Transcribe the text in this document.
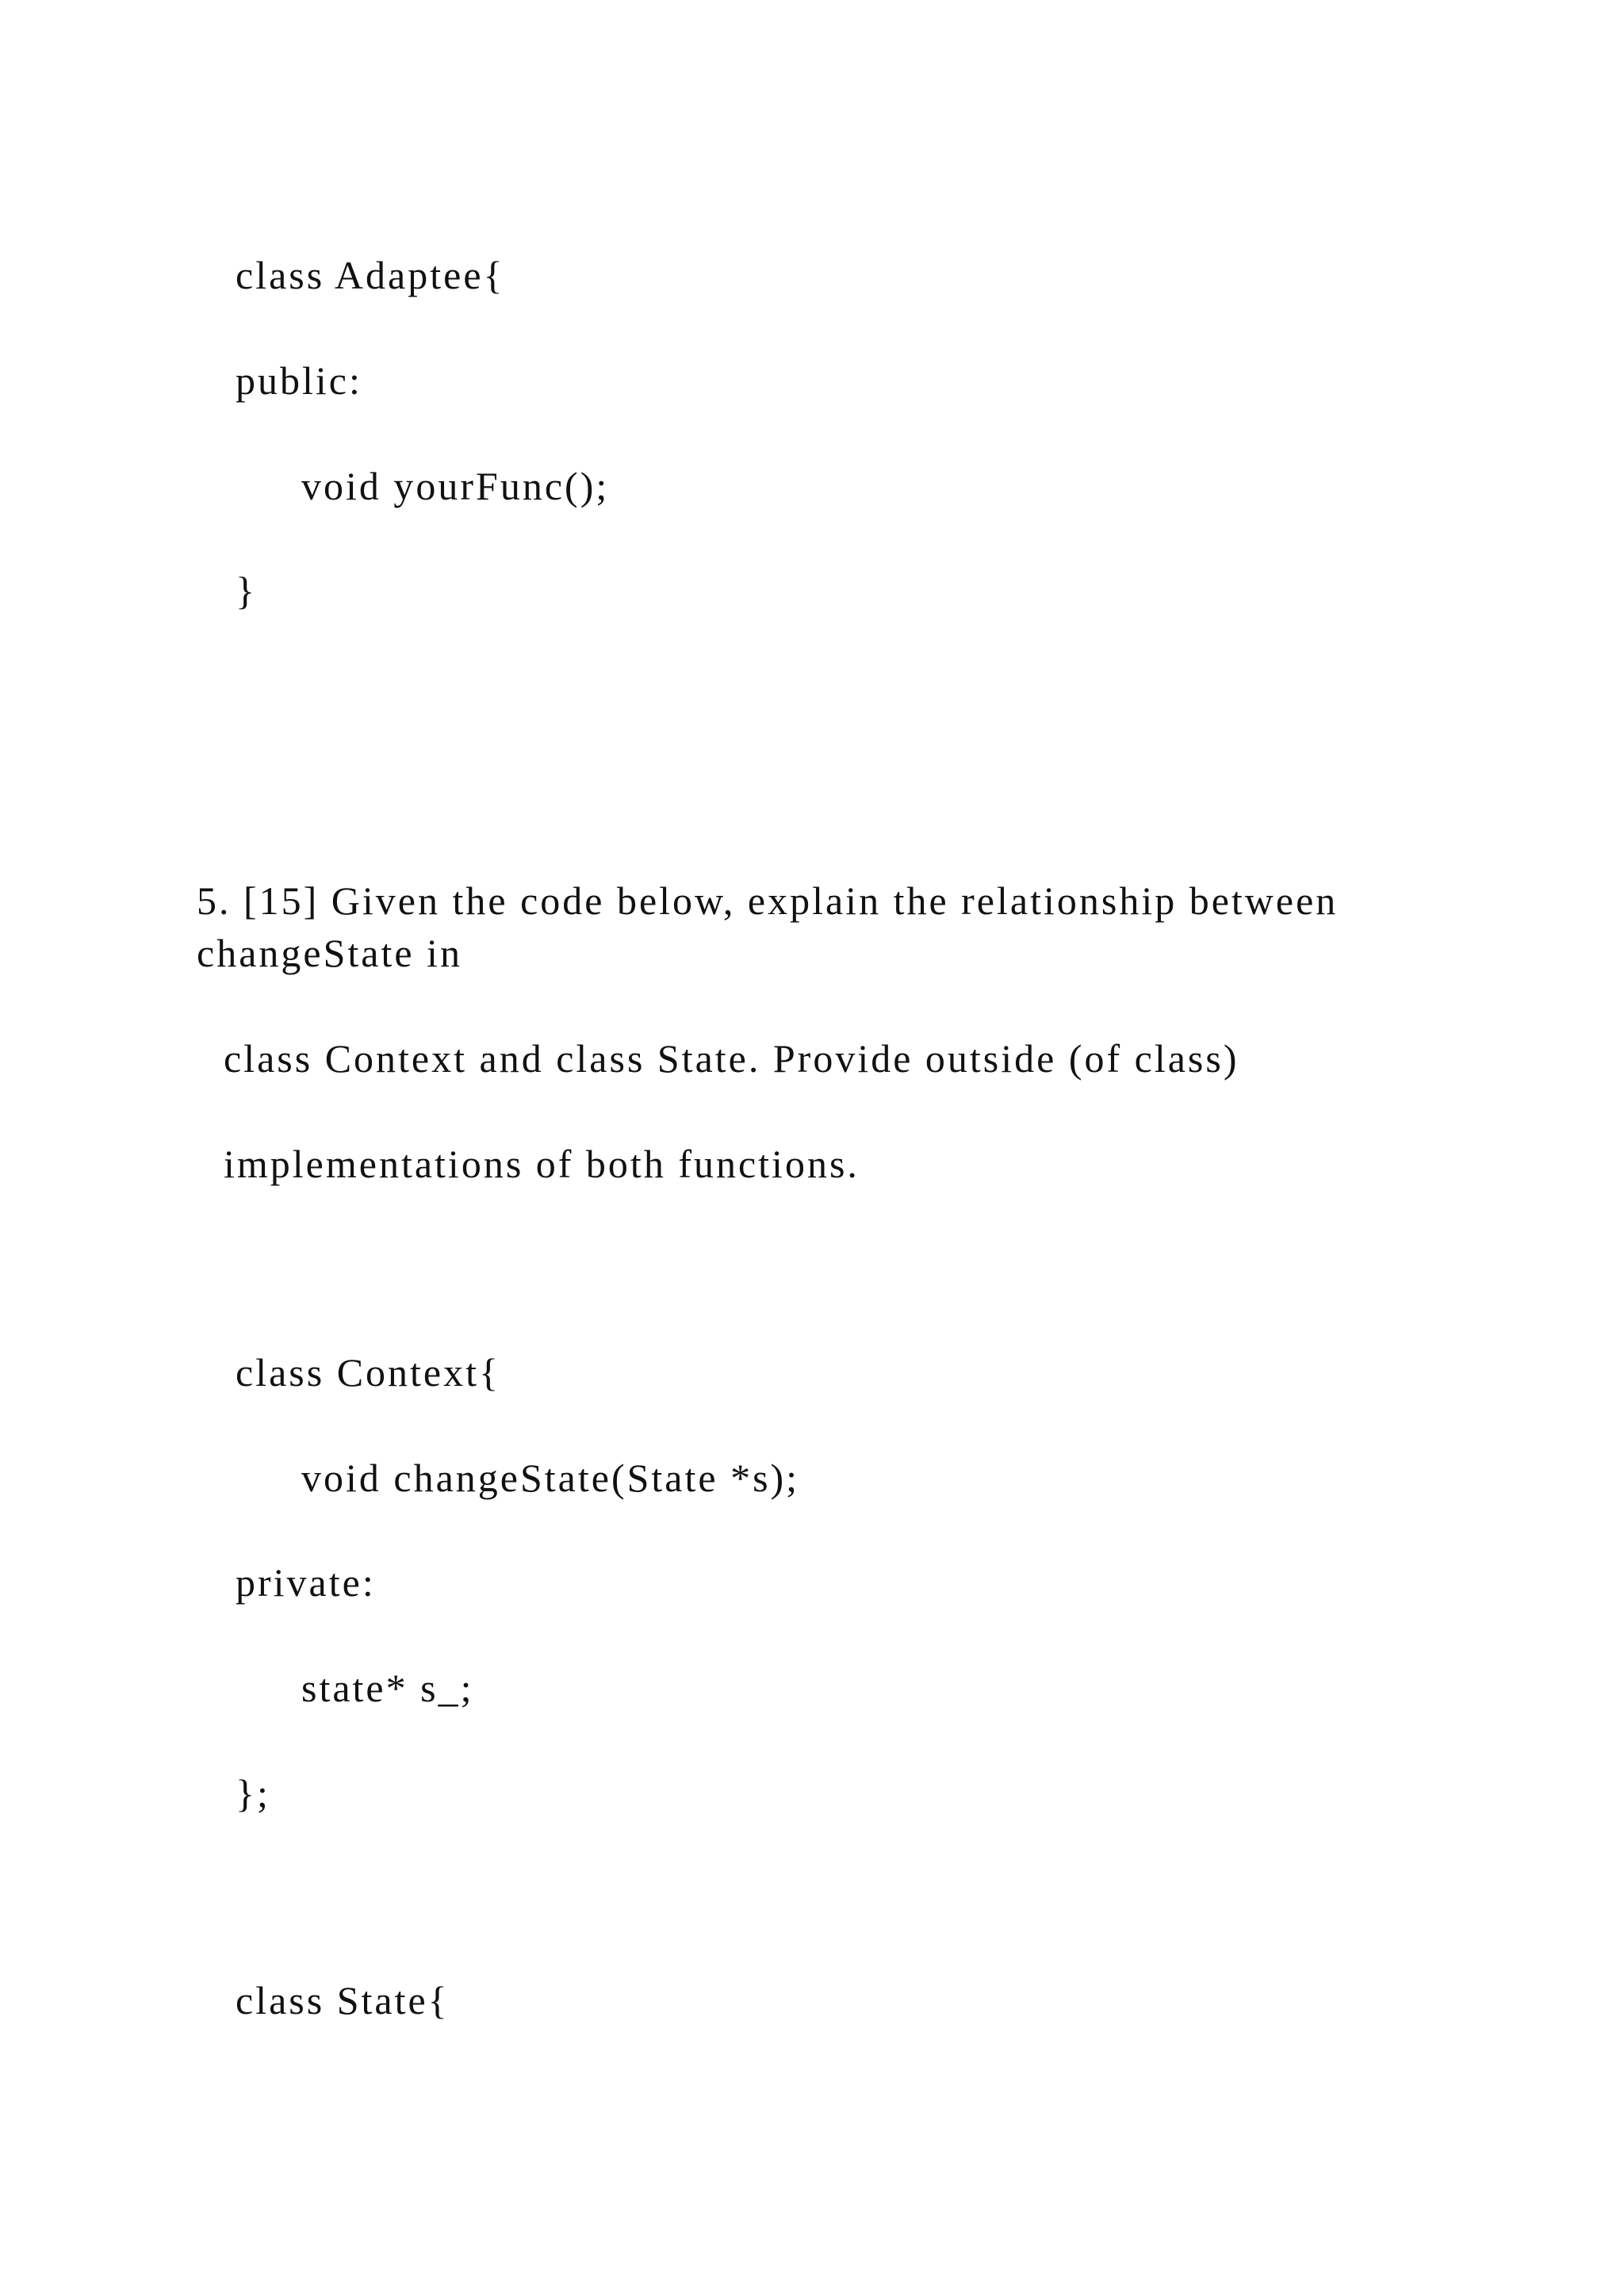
class Adaptee{

public:

void yourFunc();

}

5. [15] Given the code below, explain the relationship between

changeState in

class Context and class State. Provide outside (of class)

implementations of both functions.

class Context{

void changeState(State *s);

private:

state* s_;

};

class State{
